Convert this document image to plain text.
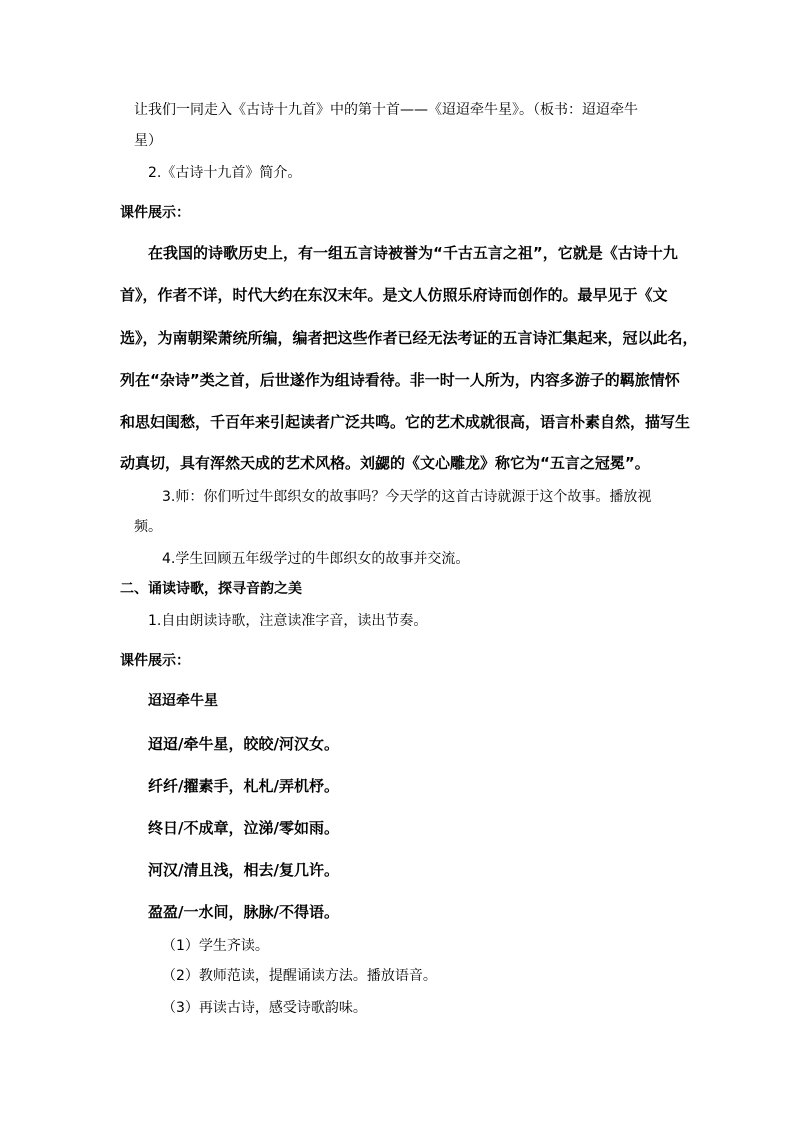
让我们一同走入《古诗十九首》中的第十首——《迢迢牵牛星》。（板书：迢迢牵牛
星）
2.《古诗十九首》简介。
课件展示：
在我国的诗歌历史上，有一组五言诗被誉为“千古五言之祖”，它就是《古诗十九
首》，作者不详，时代大约在东汉末年。是文人仿照乐府诗而创作的。最早见于《文
选》，为南朝梁萧统所编，编者把这些作者已经无法考证的五言诗汇集起来，冠以此名，
列在“杂诗”类之首，后世遂作为组诗看待。非一时一人所为，内容多游子的羁旅情怀
和思妇闺愁，千百年来引起读者广泛共鸣。它的艺术成就很高，语言朴素自然，描写生
动真切，具有浑然天成的艺术风格。刘勰的《文心雕龙》称它为“五言之冠冕”。
3.师：你们听过牛郎织女的故事吗？今天学的这首古诗就源于这个故事。播放视
频。
4.学生回顾五年级学过的牛郎织女的故事并交流。
二、诵读诗歌，探寻音韵之美
1.自由朗读诗歌，注意读准字音，读出节奏。
课件展示：
迢迢牵牛星
迢迢/牵牛星，皎皎/河汉女。
纤纤/擢素手，札札/弄机杼。
终日/不成章，泣涕/零如雨。
河汉/清且浅，相去/复几许。
盈盈/一水间，脉脉/不得语。
（1）学生齐读。
（2）教师范读，提醒诵读方法。播放语音。
（3）再读古诗，感受诗歌韵味。
